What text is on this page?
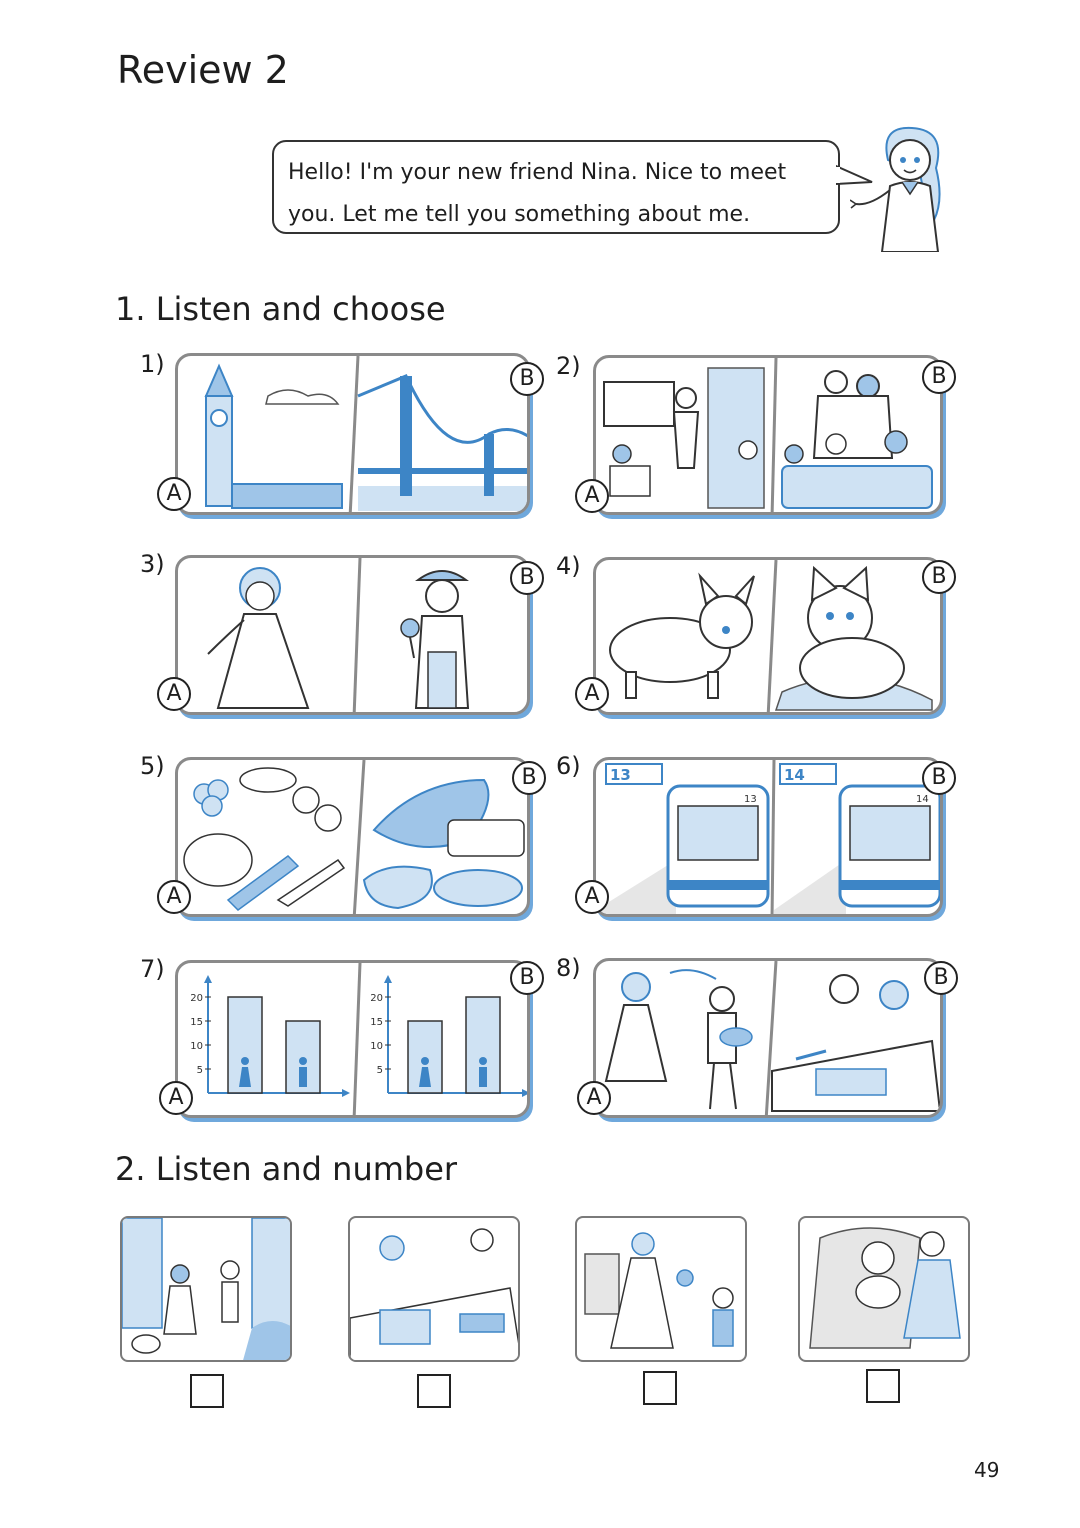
Review 2
Hello! I'm your new friend Nina. Nice to meet
you. Let me tell you something about me.
1. Listen and choose
1)
A
B 2)
A
B
3)
A
B 4)
A
B
5)
A
B 6) 13
13
14
14
A
B
7)
20
15
10
5
20
15
10
5
A
B 8)
A
B
2. Listen and number
49
